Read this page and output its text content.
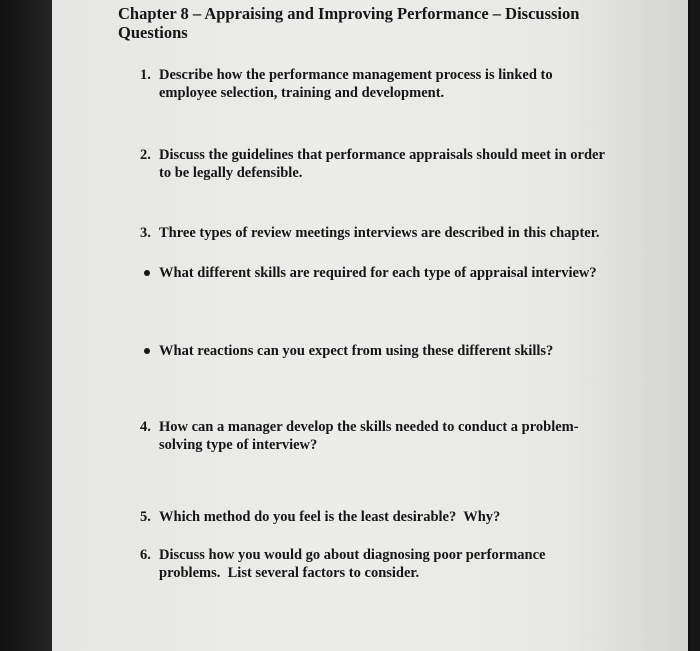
Chapter 8 – Appraising and Improving Performance – Discussion Questions
1. Describe how the performance management process is linked to employee selection, training and development.
2. Discuss the guidelines that performance appraisals should meet in order to be legally defensible.
3. Three types of review meetings interviews are described in this chapter.
What different skills are required for each type of appraisal interview?
What reactions can you expect from using these different skills?
4. How can a manager develop the skills needed to conduct a problem-solving type of interview?
5. Which method do you feel is the least desirable?  Why?
6. Discuss how you would go about diagnosing poor performance problems.  List several factors to consider.
